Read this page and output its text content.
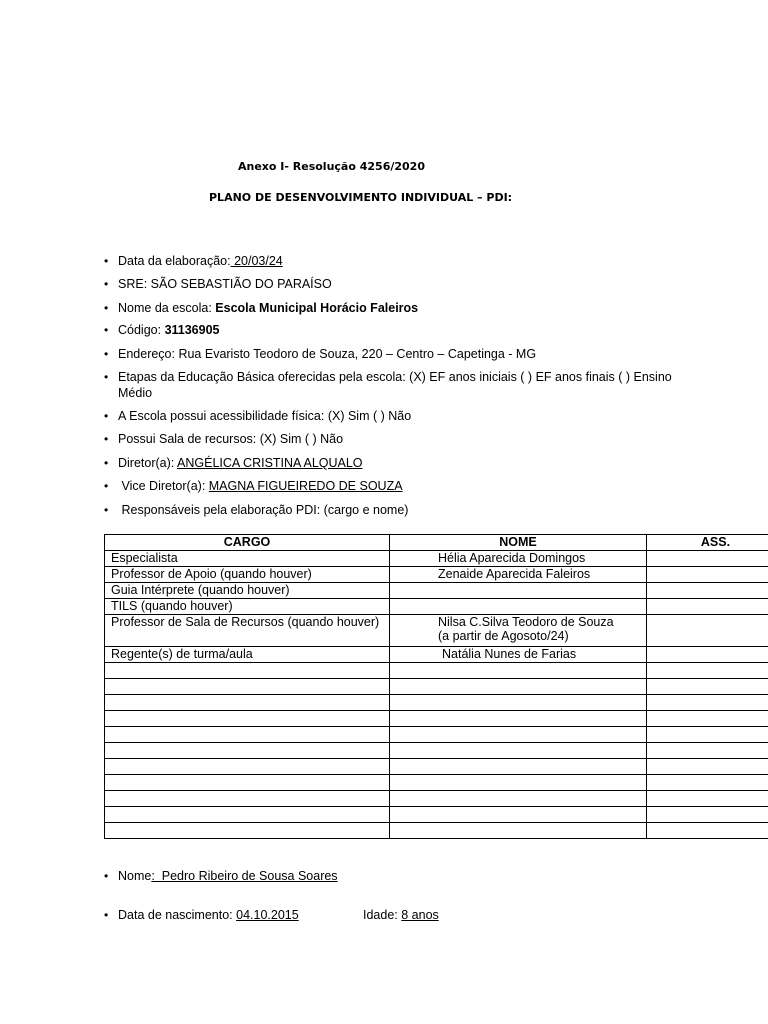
Anexo I- Resolução 4256/2020
PLANO DE DESENVOLVIMENTO INDIVIDUAL – PDI:
• Data da elaboração: 20/03/24
• SRE: SÃO SEBASTIÃO DO PARAÍSO
• Nome da escola: Escola Municipal Horácio Faleiros
• Código: 31136905
• Endereço: Rua Evaristo Teodoro de Souza, 220 – Centro – Capetinga - MG
• Etapas da Educação Básica oferecidas pela escola: (X) EF anos iniciais ( ) EF anos finais ( ) Ensino
Médio
• A Escola possui acessibilidade física: (X) Sim ( ) Não
• Possui Sala de recursos: (X) Sim ( ) Não
• Diretor(a): ANGÉLICA CRISTINA ALQUALO
• Vice Diretor(a): MAGNA FIGUEIREDO DE SOUZA
• Responsáveis pela elaboração PDI: (cargo e nome)
CARGO	NOME	ASS.
Especialista	Hélia Aparecida Domingos	
Professor de Apoio (quando houver)	Zenaide Aparecida Faleiros	
Guia Intérprete (quando houver)		
TILS (quando houver)		
Professor de Sala de Recursos (quando houver)	Nilsa C.Silva Teodoro de Souza
(a partir de Agosoto/24)	

Regente(s) de turma/aula	Natália Nunes de Farias	

• Nome:  Pedro Ribeiro de Sousa Soares
• Data de nascimento: 04.10.2015	Idade: 8 anos
